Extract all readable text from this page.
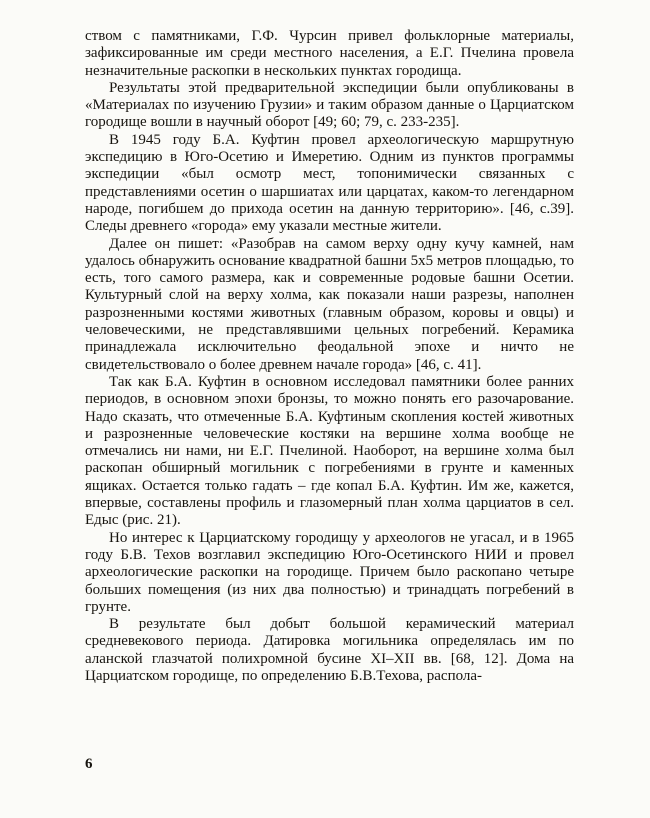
ством с памятниками, Г.Ф. Чурсин привел фольклорные материалы, зафиксированные им среди местного населения, а Е.Г. Пчелина провела незначительные раскопки в нескольких пунктах городища.

Результаты этой предварительной экспедиции были опубликованы в «Материалах по изучению Грузии» и таким образом данные о Царциатском городище вошли в научный оборот [49; 60; 79, с. 233-235].

В 1945 году Б.А. Куфтин провел археологическую маршрутную экспедицию в Юго-Осетию и Имеретию. Одним из пунктов программы экспедиции «был осмотр мест, топонимически связанных с представлениями осетин о шаршиатах или царцатах, каком-то легендарном народе, погибшем до прихода осетин на данную территорию». [46, с.39]. Следы древнего «города» ему указали местные жители.

Далее он пишет: «Разобрав на самом верху одну кучу камней, нам удалось обнаружить основание квадратной башни 5х5 метров площадью, то есть, того самого размера, как и современные родовые башни Осетии. Культурный слой на верху холма, как показали наши разрезы, наполнен разрозненными костями животных (главным образом, коровы и овцы) и человеческими, не представлявшими цельных погребений. Керамика принадлежала исключительно феодальной эпохе и ничто не свидетельствовало о более древнем начале города» [46, с. 41].

Так как Б.А. Куфтин в основном исследовал памятники более ранних периодов, в основном эпохи бронзы, то можно понять его разочарование. Надо сказать, что отмеченные Б.А. Куфтиным скопления костей животных и разрозненные человеческие костяки на вершине холма вообще не отмечались ни нами, ни Е.Г. Пчелиной. Наоборот, на вершине холма был раскопан обширный могильник с погребениями в грунте и каменных ящиках. Остается только гадать – где копал Б.А. Куфтин. Им же, кажется, впервые, составлены профиль и глазомерный план холма царциатов в сел. Едыс (рис. 21).

Но интерес к Царциатскому городищу у археологов не угасал, и в 1965 году Б.В. Техов возглавил экспедицию Юго-Осетинского НИИ и провел археологические раскопки на городище. Причем было раскопано четыре больших помещения (из них два полностью) и тринадцать погребений в грунте.

В результате был добыт большой керамический материал средневекового периода. Датировка могильника определялась им по аланской глазчатой полихромной бусине XI–XII вв. [68, 12]. Дома на Царциатском городище, по определению Б.В.Техова, распола-

6
